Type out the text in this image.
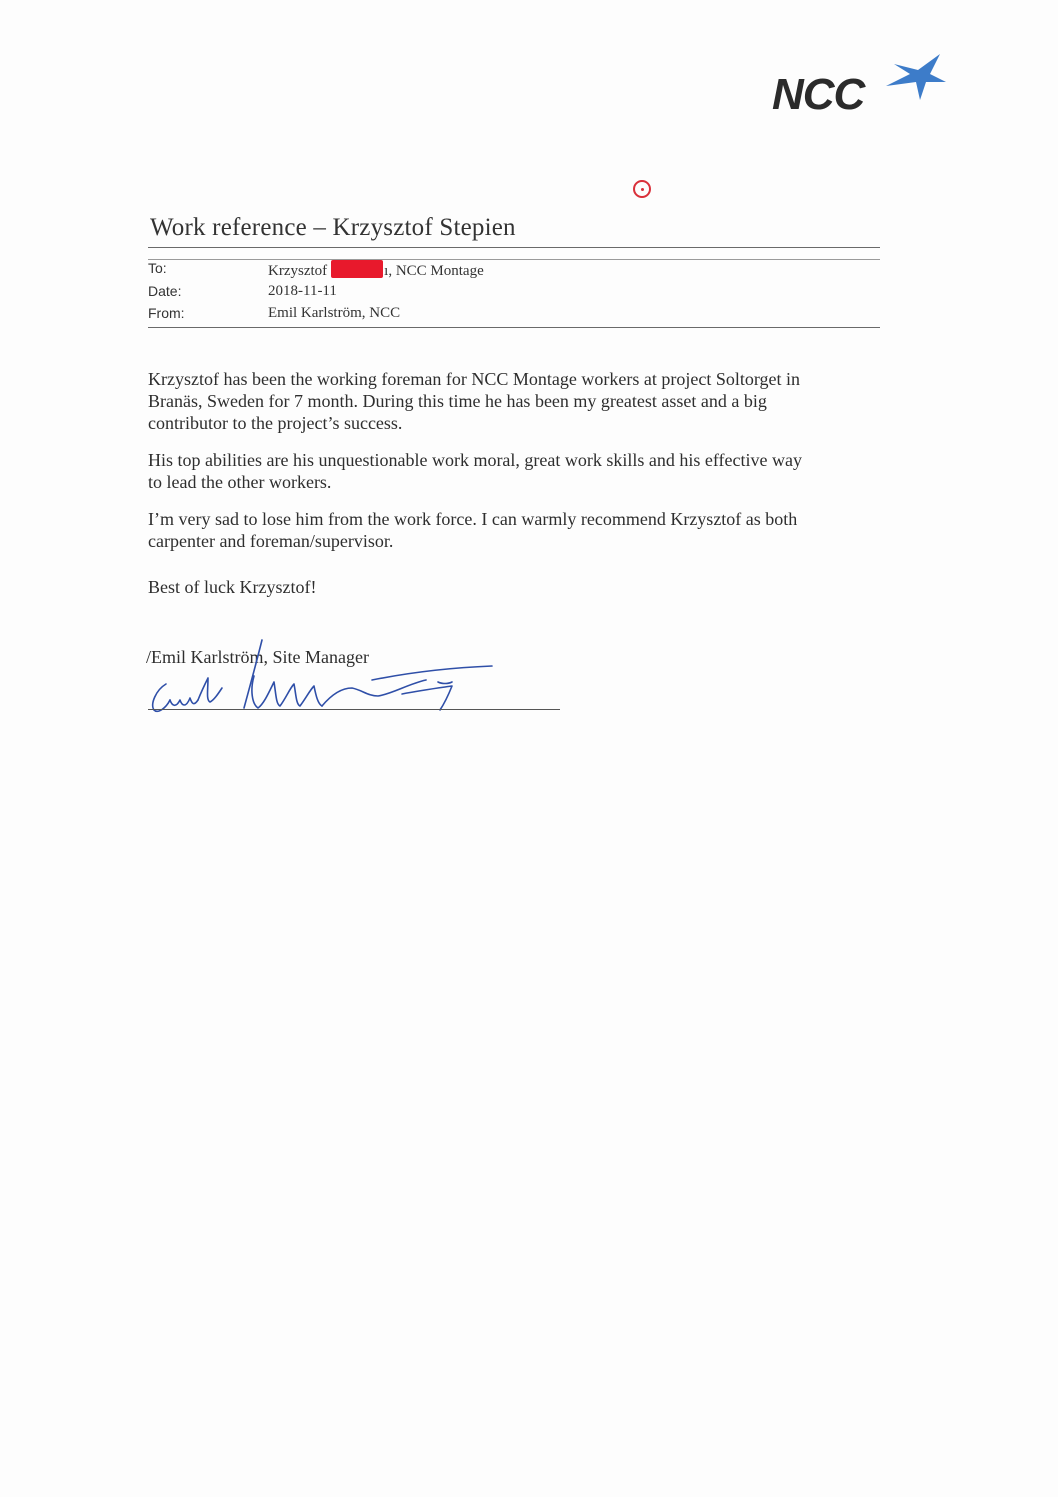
NCC
Work reference – Krzysztof Stepien
To:	Krzysztof	ı, NCC Montage
Date:	2018-11-11
From:	Emil Karlström, NCC

Krzysztof has been the working foreman for NCC Montage workers at project Soltorget in

Branäs, Sweden for 7 month. During this time he has been my greatest asset and a big

contributor to the project’s success.

His top abilities are his unquestionable work moral, great work skills and his effective way

to lead the other workers.

I’m very sad to lose him from the work force. I can warmly recommend Krzysztof as both

carpenter and foreman/supervisor.

Best of luck Krzysztof!

/Emil Karlström, Site Manager
